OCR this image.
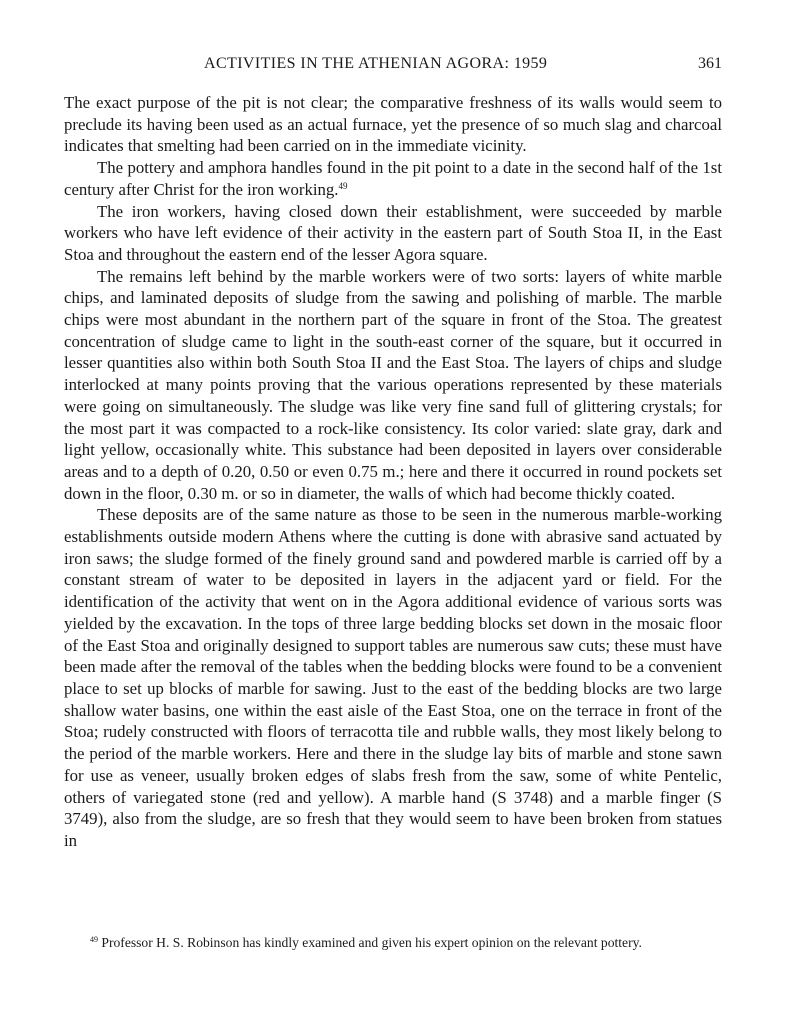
ACTIVITIES IN THE ATHENIAN AGORA: 1959	361

The exact purpose of the pit is not clear; the comparative freshness of its walls would seem to preclude its having been used as an actual furnace, yet the presence of so much slag and charcoal indicates that smelting had been carried on in the immediate vicinity.

The pottery and amphora handles found in the pit point to a date in the second half of the 1st century after Christ for the iron working.$^{49}$

The iron workers, having closed down their establishment, were succeeded by marble workers who have left evidence of their activity in the eastern part of South Stoa II, in the East Stoa and throughout the eastern end of the lesser Agora square.

The remains left behind by the marble workers were of two sorts: layers of white marble chips, and laminated deposits of sludge from the sawing and polishing of marble. The marble chips were most abundant in the northern part of the square in front of the Stoa. The greatest concentration of sludge came to light in the south-east corner of the square, but it occurred in lesser quantities also within both South Stoa II and the East Stoa. The layers of chips and sludge interlocked at many points proving that the various operations represented by these materials were going on simultaneously. The sludge was like very fine sand full of glittering crystals; for the most part it was compacted to a rock-like consistency. Its color varied: slate gray, dark and light yellow, occasionally white. This substance had been deposited in layers over considerable areas and to a depth of 0.20, 0.50 or even 0.75 m.; here and there it occurred in round pockets set down in the floor, 0.30 m. or so in diameter, the walls of which had become thickly coated.

These deposits are of the same nature as those to be seen in the numerous marble-working establishments outside modern Athens where the cutting is done with abrasive sand actuated by iron saws; the sludge formed of the finely ground sand and powdered marble is carried off by a constant stream of water to be deposited in layers in the adjacent yard or field. For the identification of the activity that went on in the Agora additional evidence of various sorts was yielded by the excavation. In the tops of three large bedding blocks set down in the mosaic floor of the East Stoa and originally designed to support tables are numerous saw cuts; these must have been made after the removal of the tables when the bedding blocks were found to be a convenient place to set up blocks of marble for sawing. Just to the east of the bedding blocks are two large shallow water basins, one within the east aisle of the East Stoa, one on the terrace in front of the Stoa; rudely constructed with floors of terracotta tile and rubble walls, they most likely belong to the period of the marble workers. Here and there in the sludge lay bits of marble and stone sawn for use as veneer, usually broken edges of slabs fresh from the saw, some of white Pentelic, others of variegated stone (red and yellow). A marble hand (S 3748) and a marble finger (S 3749), also from the sludge, are so fresh that they would seem to have been broken from statues in

$^{49}$ Professor H. S. Robinson has kindly examined and given his expert opinion on the relevant pottery.
